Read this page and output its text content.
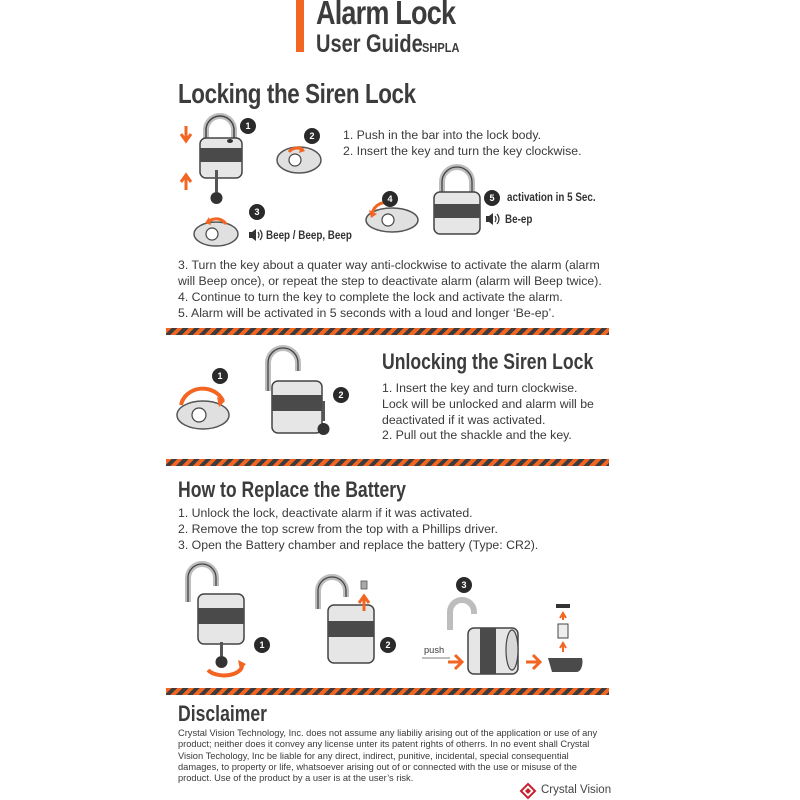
Alarm Lock
User Guide SHPLA
Locking the Siren Lock
1
2	1. Push in the bar into the lock body.
2. Insert the key and turn the key clockwise.
3
Beep / Beep, Beep
4	5	activation in 5 Sec.
Be-ep
3. Turn the key about a quater way anti-clockwise to activate the alarm (alarm will Beep once), or repeat the step to deactivate alarm (alarm will Beep twice).
4. Continue to turn the key to complete the lock and activate the alarm.
5. Alarm will be activated in 5 seconds with a loud and longer ‘Be-ep’.
1
2
Unlocking the Siren Lock
1. Insert the key and turn clockwise. Lock will be unlocked and alarm will be deactivated if it was activated.
2. Pull out the shackle and the key.
How to Replace the Battery
1. Unlock the lock, deactivate alarm if it was activated.
2. Remove the top screw from the top with a Phillips driver.
3. Open the Battery chamber and replace the battery (Type: CR2).
1	2
3
push
Disclaimer
Crystal Vision Technology, Inc. does not assume any liabiliy arising out of the application or use of any product; neither does it convey any license unter its patent rights of otherrs. In no event shall Crystal Vision Techology, Inc be liable for any direct, indirect, punitive, incidental, special consequential damages, to property or life, whatsoever arising out of or connected with the use or misuse of the product. Use of the product by a user is at the user’s risk.
Crystal Vision
